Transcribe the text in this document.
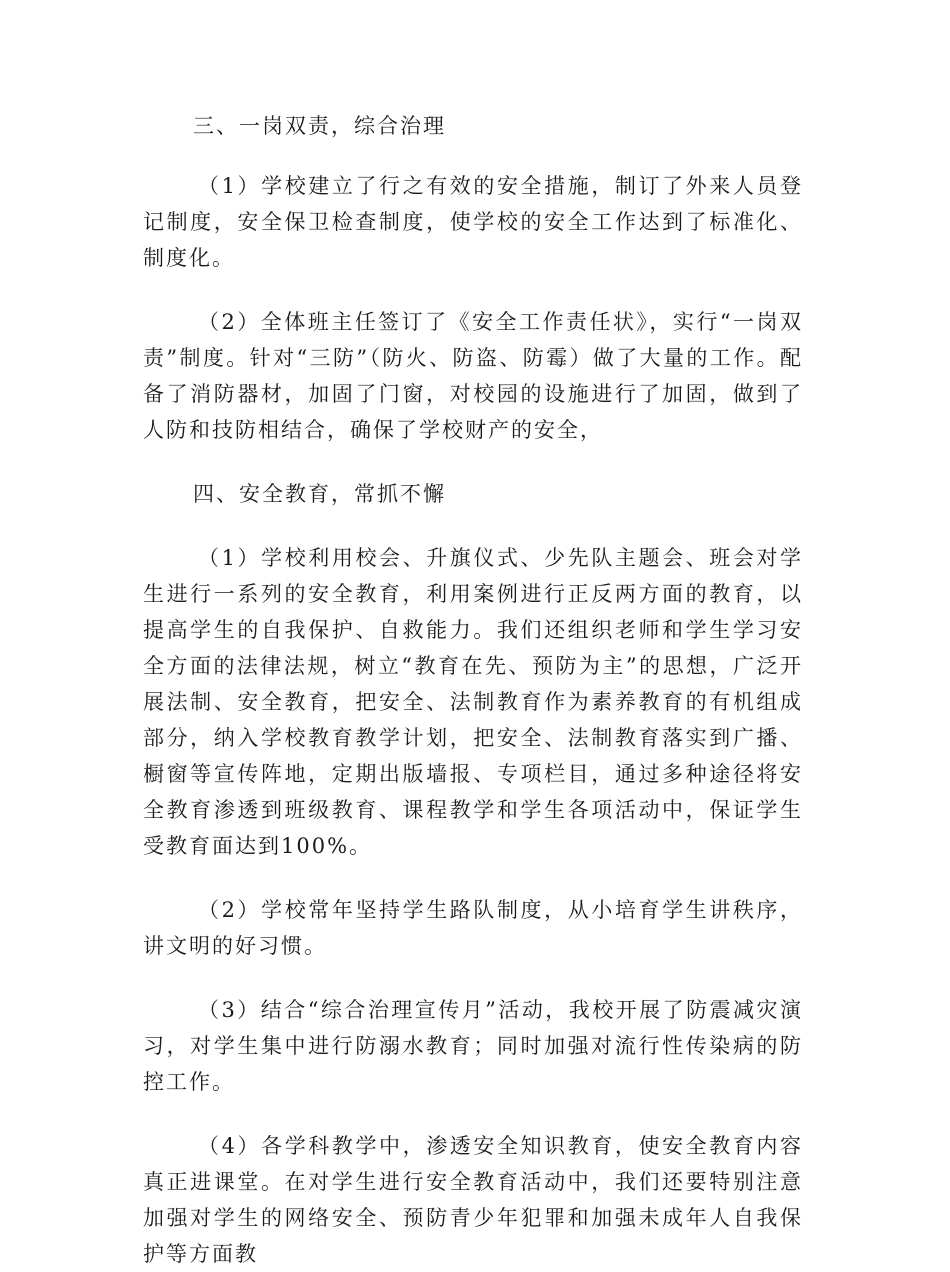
三、一岗双责，综合治理

（1）学校建立了行之有效的安全措施，制订了外来人员登记制度，安全保卫检查制度，使学校的安全工作达到了标准化、制度化。

（2）全体班主任签订了《安全工作责任状》，实行“一岗双责”制度。针对“三防”（防火、防盗、防霉）做了大量的工作。配备了消防器材，加固了门窗，对校园的设施进行了加固，做到了人防和技防相结合，确保了学校财产的安全，

四、安全教育，常抓不懈

（1）学校利用校会、升旗仪式、少先队主题会、班会对学生进行一系列的安全教育，利用案例进行正反两方面的教育，以提高学生的自我保护、自救能力。我们还组织老师和学生学习安全方面的法律法规，树立“教育在先、预防为主”的思想，广泛开展法制、安全教育，把安全、法制教育作为素养教育的有机组成部分，纳入学校教育教学计划，把安全、法制教育落实到广播、橱窗等宣传阵地，定期出版墙报、专项栏目，通过多种途径将安全教育渗透到班级教育、课程教学和学生各项活动中，保证学生受教育面达到100%。

（2）学校常年坚持学生路队制度，从小培育学生讲秩序，讲文明的好习惯。

（3）结合“综合治理宣传月”活动，我校开展了防震减灾演习，对学生集中进行防溺水教育；同时加强对流行性传染病的防控工作。

（4）各学科教学中，渗透安全知识教育，使安全教育内容真正进课堂。在对学生进行安全教育活动中，我们还要特别注意加强对学生的网络安全、预防青少年犯罪和加强未成年人自我保护等方面教
